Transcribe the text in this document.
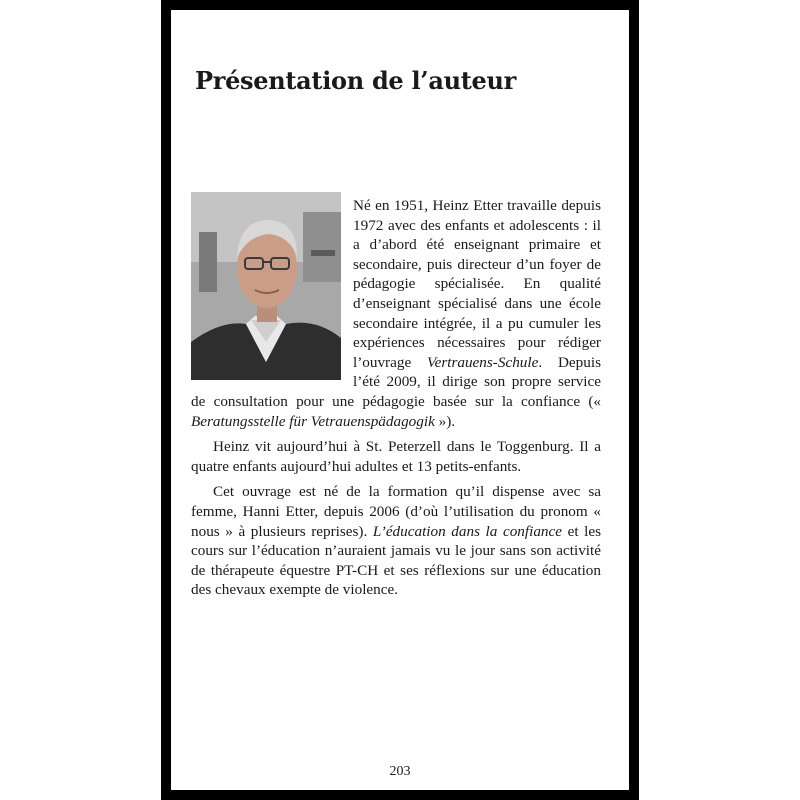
Présentation de l’auteur

Né en 1951, Heinz Etter travaille depuis 1972 avec des enfants et adolescents : il a d’abord été enseignant primaire et secondaire, puis directeur d’un foyer de pédagogie spécialisée. En qualité d’enseignant spécialisé dans une école secondaire intégrée, il a pu cumuler les expériences nécessaires pour rédiger l’ouvrage Vertrauens-Schule. Depuis l’été 2009, il dirige son propre service de consultation pour une pédagogie basée sur la confiance (« Beratungsstelle für Vetrauenspädagogik »).

Heinz vit aujourd’hui à St. Peterzell dans le Toggenburg. Il a quatre enfants aujourd’hui adultes et 13 petits-enfants.

Cet ouvrage est né de la formation qu’il dispense avec sa femme, Hanni Etter, depuis 2006 (d’où l’utilisation du pronom « nous » à plusieurs reprises). L’éducation dans la confiance et les cours sur l’éducation n’auraient jamais vu le jour sans son activité de thérapeute équestre PT-CH et ses réflexions sur une éducation des chevaux exempte de violence.

203
